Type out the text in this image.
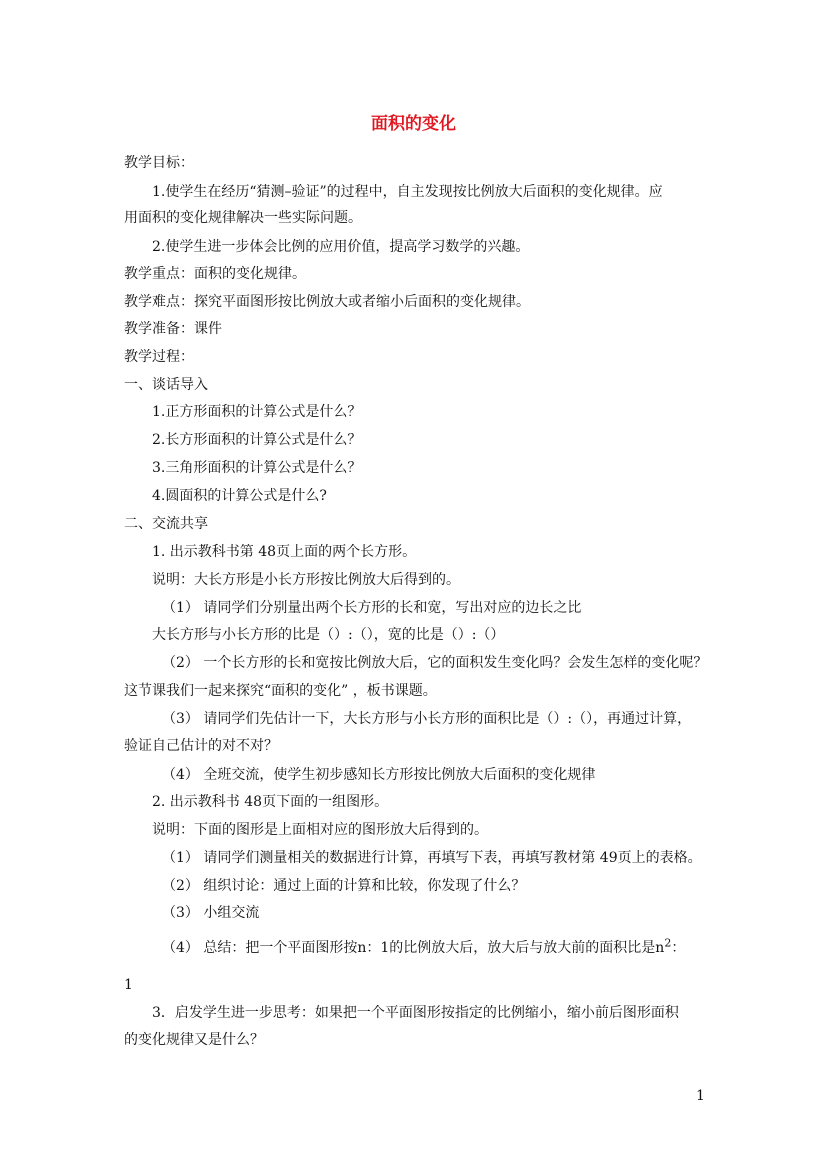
面积的变化
教学目标：
1.使学生在经历“猜测–验证”的过程中，自主发现按比例放大后面积的变化规律。应
用面积的变化规律解决一些实际问题。
2.使学生进一步体会比例的应用价值，提高学习数学的兴趣。
教学重点：面积的变化规律。
教学难点：探究平面图形按比例放大或者缩小后面积的变化规律。
教学准备：课件
教学过程：
一、谈话导入
1.正方形面积的计算公式是什么？
2.长方形面积的计算公式是什么？
3.三角形面积的计算公式是什么？
4.圆面积的计算公式是什么?
二、交流共享
1. 出示教科书第 48页上面的两个长方形。
说明：大长方形是小长方形按比例放大后得到的。
（1） 请同学们分别量出两个长方形的长和宽，写出对应的边长之比
大长方形与小长方形的比是（）:（），宽的比是（）:（）
（2） 一个长方形的长和宽按比例放大后，它的面积发生变化吗？会发生怎样的变化呢？
这节课我们一起来探究“面积的变化” ，板书课题。
（3） 请同学们先估计一下，大长方形与小长方形的面积比是（）:（），再通过计算，
验证自己估计的对不对？
（4） 全班交流，使学生初步感知长方形按比例放大后面积的变化规律
2. 出示教科书 48页下面的一组图形。
说明：下面的图形是上面相对应的图形放大后得到的。
（1） 请同学们测量相关的数据进行计算，再填写下表，再填写教材第 49页上的表格。
（2） 组织讨论：通过上面的计算和比较，你发现了什么？
（3） 小组交流
（4） 总结：把一个平面图形按n：1的比例放大后，放大后与放大前的面积比是$n^2$：
1
3．启发学生进一步思考：如果把一个平面图形按指定的比例缩小，缩小前后图形面积
的变化规律又是什么？
1
